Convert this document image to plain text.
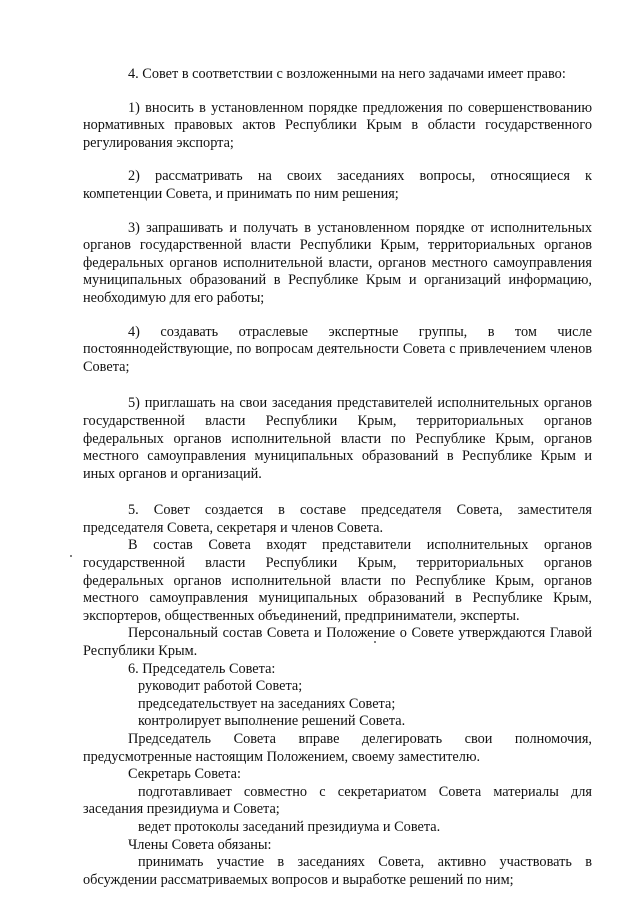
4. Совет в соответствии с возложенными на него задачами имеет право:

1) вносить в установленном порядке предложения по совершенствованию нормативных правовых актов Республики Крым в области государственного регулирования экспорта;

2) рассматривать на своих заседаниях вопросы, относящиеся к компетенции Совета, и принимать по ним решения;

3) запрашивать и получать в установленном порядке от исполнительных органов государственной власти Республики Крым, территориальных органов федеральных органов исполнительной власти, органов местного самоуправления муниципальных образований в Республике Крым и организаций информацию, необходимую для его работы;

4) создавать отраслевые экспертные группы, в том числе постояннодействующие, по вопросам деятельности Совета с привлечением членов Совета;

5) приглашать на свои заседания представителей исполнительных органов государственной власти Республики Крым, территориальных органов федеральных органов исполнительной власти по Республике Крым, органов местного самоуправления муниципальных образований в Республике Крым и иных органов и организаций.

5. Совет создается в составе председателя Совета, заместителя председателя Совета, секретаря и членов Совета.

В состав Совета входят представители исполнительных органов государственной власти Республики Крым, территориальных органов федеральных органов исполнительной власти по Республике Крым, органов местного самоуправления муниципальных образований в Республике Крым, экспортеров, общественных объединений, предприниматели, эксперты.

Персональный состав Совета и Положение о Совете утверждаются Главой Республики Крым.

6. Председатель Совета:

руководит работой Совета;

председательствует на заседаниях Совета;

контролирует выполнение решений Совета.

Председатель Совета вправе делегировать свои полномочия, предусмотренные настоящим Положением, своему заместителю.

Секретарь Совета:

подготавливает совместно с секретариатом Совета материалы для заседания президиума и Совета;

ведет протоколы заседаний президиума и Совета.

Члены Совета обязаны:

принимать участие в заседаниях Совета, активно участвовать в обсуждении рассматриваемых вопросов и выработке решений по ним;
